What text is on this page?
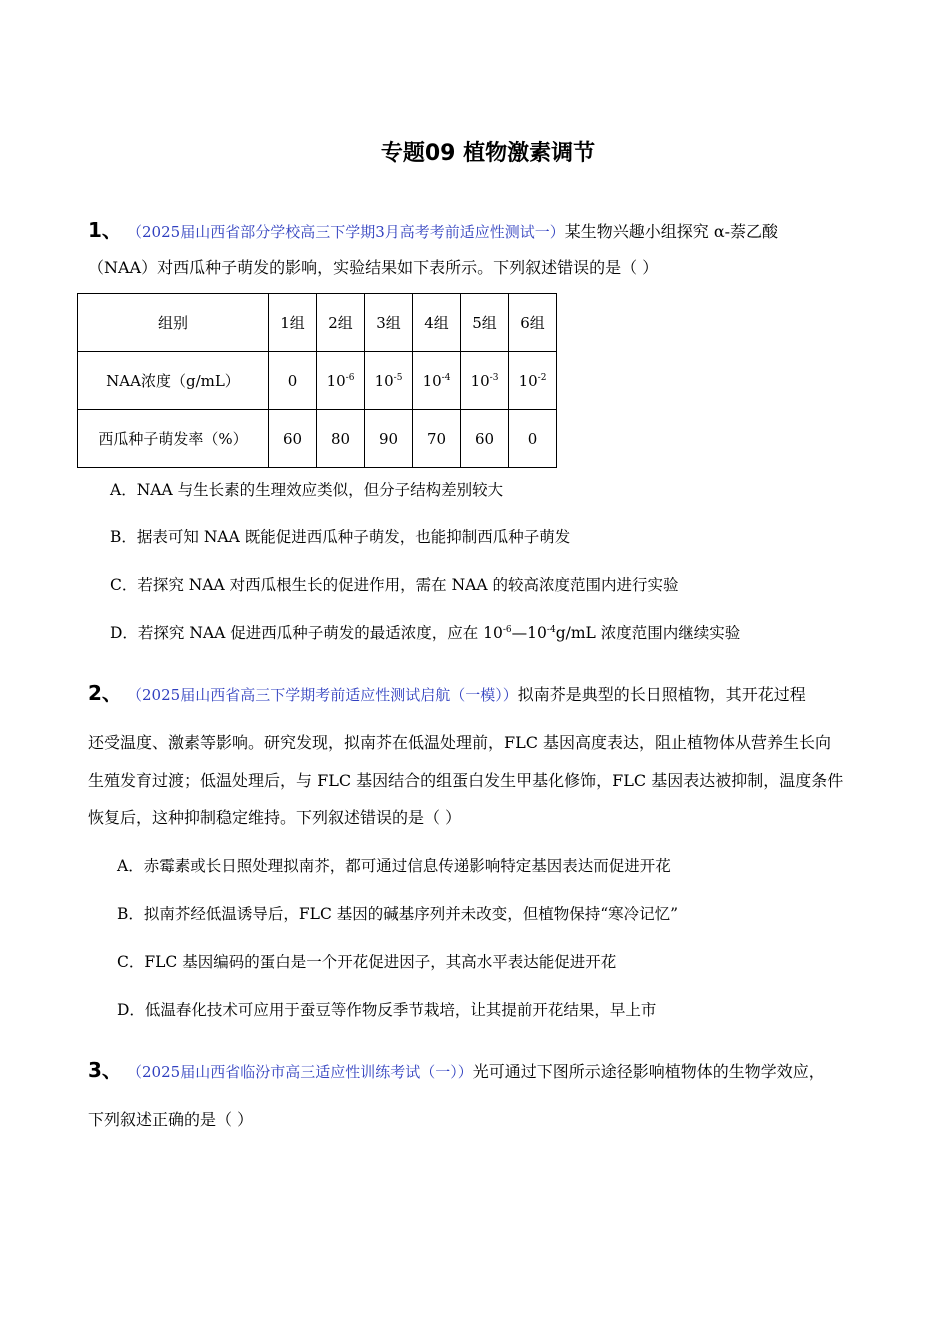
专题09 植物激素调节
1、 （2025届山西省部分学校高三下学期3月高考考前适应性测试一）某生物兴趣小组探究 α-萘乙酸
（NAA）对西瓜种子萌发的影响，实验结果如下表所示。下列叙述错误的是（ ）
组别	1组	2组	3组	4组	5组	6组
NAA浓度（g/mL）	0	$10^{-6}$	$10^{-5}$	$10^{-4}$	$10^{-3}$	$10^{-2}$
西瓜种子萌发率（%）	60	80	90	70	60	0
A．NAA 与生长素的生理效应类似，但分子结构差别较大
B．据表可知 NAA 既能促进西瓜种子萌发，也能抑制西瓜种子萌发
C．若探究 NAA 对西瓜根生长的促进作用，需在 NAA 的较高浓度范围内进行实验
D．若探究 NAA 促进西瓜种子萌发的最适浓度，应在 $10^{-6}—10^{-4}g/mL$ 浓度范围内继续实验
2、 （2025届山西省高三下学期考前适应性测试启航（一模））拟南芥是典型的长日照植物，其开花过程
还受温度、激素等影响。研究发现，拟南芥在低温处理前，FLC 基因高度表达，阻止植物体从营养生长向
生殖发育过渡；低温处理后，与 FLC 基因结合的组蛋白发生甲基化修饰，FLC 基因表达被抑制，温度条件
恢复后，这种抑制稳定维持。下列叙述错误的是（ ）
A．赤霉素或长日照处理拟南芥，都可通过信息传递影响特定基因表达而促进开花
B．拟南芥经低温诱导后，FLC 基因的碱基序列并未改变，但植物保持“寒冷记忆”
C．FLC 基因编码的蛋白是一个开花促进因子，其高水平表达能促进开花
D．低温春化技术可应用于蚕豆等作物反季节栽培，让其提前开花结果，早上市
3、 （2025届山西省临汾市高三适应性训练考试（一））光可通过下图所示途径影响植物体的生物学效应，
下列叙述正确的是（ ）
